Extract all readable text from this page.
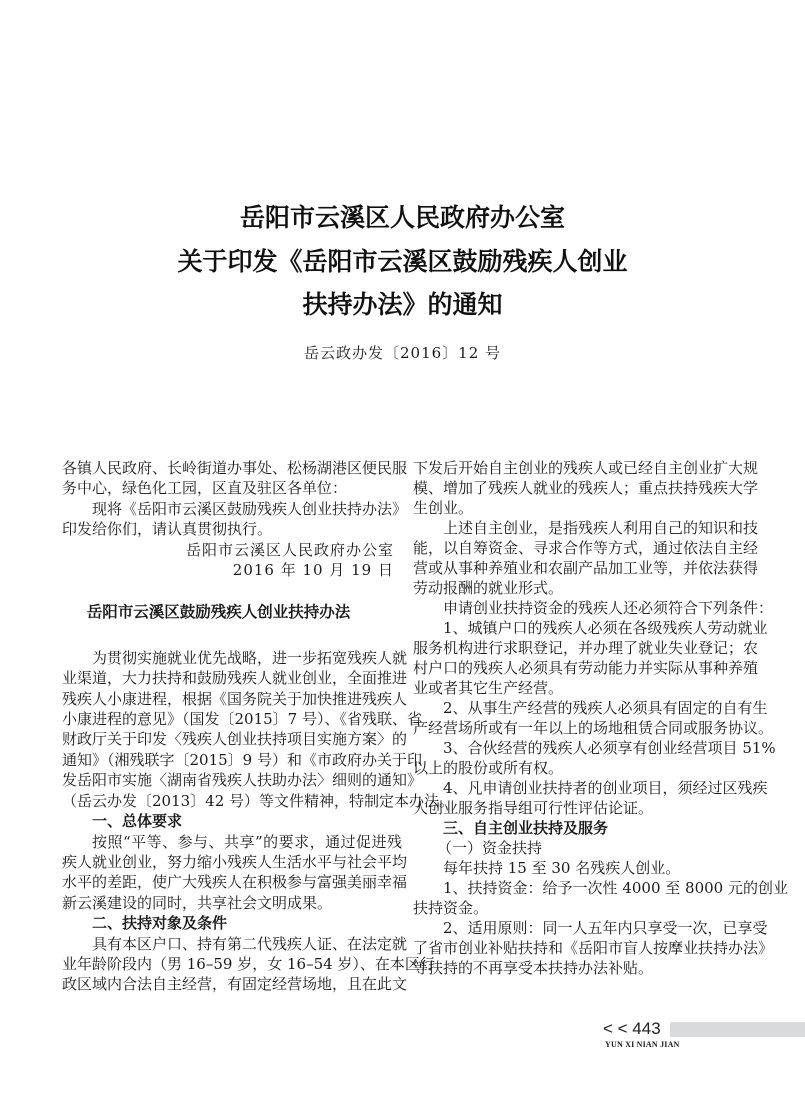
岳阳市云溪区人民政府办公室
关于印发《岳阳市云溪区鼓励残疾人创业
扶持办法》的通知
岳云政办发〔2016〕12 号
各镇人民政府、长岭街道办事处、松杨湖港区便民服
务中心，绿色化工园，区直及驻区各单位：
现将《岳阳市云溪区鼓励残疾人创业扶持办法》
印发给你们，请认真贯彻执行。
岳阳市云溪区人民政府办公室
2016 年 10 月 19 日
岳阳市云溪区鼓励残疾人创业扶持办法
为贯彻实施就业优先战略，进一步拓宽残疾人就
业渠道，大力扶持和鼓励残疾人就业创业，全面推进
残疾人小康进程，根据《国务院关于加快推进残疾人
小康进程的意见》（国发〔2015〕7 号）、《省残联、省
财政厅关于印发〈残疾人创业扶持项目实施方案〉的
通知》（湘残联字〔2015〕9 号）和《市政府办关于印
发岳阳市实施〈湖南省残疾人扶助办法〉细则的通知》
（岳云办发〔2013〕42 号）等文件精神，特制定本办法。
一、总体要求
按照“平等、参与、共享”的要求，通过促进残
疾人就业创业，努力缩小残疾人生活水平与社会平均
水平的差距，使广大残疾人在积极参与富强美丽幸福
新云溪建设的同时，共享社会文明成果。
二、扶持对象及条件
具有本区户口、持有第二代残疾人证、在法定就
业年龄阶段内（男 16–59 岁，女 16–54 岁）、在本区行
政区域内合法自主经营，有固定经营场地，且在此文
下发后开始自主创业的残疾人或已经自主创业扩大规
模、增加了残疾人就业的残疾人；重点扶持残疾大学
生创业。
上述自主创业，是指残疾人利用自己的知识和技
能，以自筹资金、寻求合作等方式，通过依法自主经
营或从事种养殖业和农副产品加工业等，并依法获得
劳动报酬的就业形式。
申请创业扶持资金的残疾人还必须符合下列条件：
1、城镇户口的残疾人必须在各级残疾人劳动就业
服务机构进行求职登记，并办理了就业失业登记；农
村户口的残疾人必须具有劳动能力并实际从事种养殖
业或者其它生产经营。
2、从事生产经营的残疾人必须具有固定的自有生
产经营场所或有一年以上的场地租赁合同或服务协议。
3、合伙经营的残疾人必须享有创业经营项目 51%
以上的股份或所有权。
4、凡申请创业扶持者的创业项目，须经过区残疾
人创业服务指导组可行性评估论证。
三、自主创业扶持及服务
（一）资金扶持
每年扶持 15 至 30 名残疾人创业。
1、扶持资金：给予一次性 4000 至 8000 元的创业
扶持资金。
2、适用原则：同一人五年内只享受一次，已享受
了省市创业补贴扶持和《岳阳市盲人按摩业扶持办法》
等扶持的不再享受本扶持办法补贴。
< < 443
YUN XI NIAN JIAN
